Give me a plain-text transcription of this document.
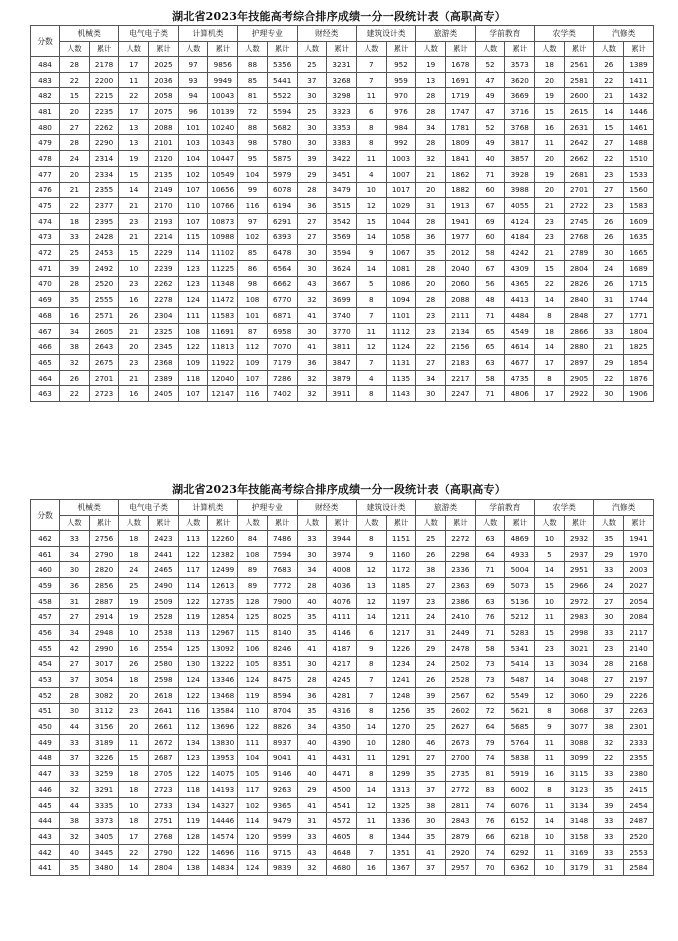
湖北省2023年技能高考综合排序成绩一分一段统计表（高职高专）
分数	机械类		电气电子类		计算机类		护理专业		财经类		建筑设计类		旅游类		学前教育		农学类		汽修类	
	人数	累计	人数	累计	人数	累计	人数	累计	人数	累计	人数	累计	人数	累计	人数	累计	人数	累计	人数	累计
484	28	2178	17	2025	97	9856	88	5356	25	3231	7	952	19	1678	52	3573	18	2561	26	1389
483	22	2200	11	2036	93	9949	85	5441	37	3268	7	959	13	1691	47	3620	20	2581	22	1411
482	15	2215	22	2058	94	10043	81	5522	30	3298	11	970	28	1719	49	3669	19	2600	21	1432
481	20	2235	17	2075	96	10139	72	5594	25	3323	6	976	28	1747	47	3716	15	2615	14	1446
480	27	2262	13	2088	101	10240	88	5682	30	3353	8	984	34	1781	52	3768	16	2631	15	1461
479	28	2290	13	2101	103	10343	98	5780	30	3383	8	992	28	1809	49	3817	11	2642	27	1488
478	24	2314	19	2120	104	10447	95	5875	39	3422	11	1003	32	1841	40	3857	20	2662	22	1510
477	20	2334	15	2135	102	10549	104	5979	29	3451	4	1007	21	1862	71	3928	19	2681	23	1533
476	21	2355	14	2149	107	10656	99	6078	28	3479	10	1017	20	1882	60	3988	20	2701	27	1560
475	22	2377	21	2170	110	10766	116	6194	36	3515	12	1029	31	1913	67	4055	21	2722	23	1583
474	18	2395	23	2193	107	10873	97	6291	27	3542	15	1044	28	1941	69	4124	23	2745	26	1609
473	33	2428	21	2214	115	10988	102	6393	27	3569	14	1058	36	1977	60	4184	23	2768	26	1635
472	25	2453	15	2229	114	11102	85	6478	30	3594	9	1067	35	2012	58	4242	21	2789	30	1665
471	39	2492	10	2239	123	11225	86	6564	30	3624	14	1081	28	2040	67	4309	15	2804	24	1689
470	28	2520	23	2262	123	11348	98	6662	43	3667	5	1086	20	2060	56	4365	22	2826	26	1715
469	35	2555	16	2278	124	11472	108	6770	32	3699	8	1094	28	2088	48	4413	14	2840	31	1744
468	16	2571	26	2304	111	11583	101	6871	41	3740	7	1101	23	2111	71	4484	8	2848	27	1771
467	34	2605	21	2325	108	11691	87	6958	30	3770	11	1112	23	2134	65	4549	18	2866	33	1804
466	38	2643	20	2345	122	11813	112	7070	41	3811	12	1124	22	2156	65	4614	14	2880	21	1825
465	32	2675	23	2368	109	11922	109	7179	36	3847	7	1131	27	2183	63	4677	17	2897	29	1854
464	26	2701	21	2389	118	12040	107	7286	32	3879	4	1135	34	2217	58	4735	8	2905	22	1876
463	22	2723	16	2405	107	12147	116	7402	32	3911	8	1143	30	2247	71	4806	17	2922	30	1906
湖北省2023年技能高考综合排序成绩一分一段统计表（高职高专）
分数	机械类		电气电子类		计算机类		护理专业		财经类		建筑设计类		旅游类		学前教育		农学类		汽修类	
	人数	累计	人数	累计	人数	累计	人数	累计	人数	累计	人数	累计	人数	累计	人数	累计	人数	累计	人数	累计
462	33	2756	18	2423	113	12260	84	7486	33	3944	8	1151	25	2272	63	4869	10	2932	35	1941
461	34	2790	18	2441	122	12382	108	7594	30	3974	9	1160	26	2298	64	4933	5	2937	29	1970
460	30	2820	24	2465	117	12499	89	7683	34	4008	12	1172	38	2336	71	5004	14	2951	33	2003
459	36	2856	25	2490	114	12613	89	7772	28	4036	13	1185	27	2363	69	5073	15	2966	24	2027
458	31	2887	19	2509	122	12735	128	7900	40	4076	12	1197	23	2386	63	5136	10	2972	27	2054
457	27	2914	19	2528	119	12854	125	8025	35	4111	14	1211	24	2410	76	5212	11	2983	30	2084
456	34	2948	10	2538	113	12967	115	8140	35	4146	6	1217	31	2449	71	5283	15	2998	33	2117
455	42	2990	16	2554	125	13092	106	8246	41	4187	9	1226	29	2478	58	5341	23	3021	23	2140
454	27	3017	26	2580	130	13222	105	8351	30	4217	8	1234	24	2502	73	5414	13	3034	28	2168
453	37	3054	18	2598	124	13346	124	8475	28	4245	7	1241	26	2528	73	5487	14	3048	27	2197
452	28	3082	20	2618	122	13468	119	8594	36	4281	7	1248	39	2567	62	5549	12	3060	29	2226
451	30	3112	23	2641	116	13584	110	8704	35	4316	8	1256	35	2602	72	5621	8	3068	37	2263
450	44	3156	20	2661	112	13696	122	8826	34	4350	14	1270	25	2627	64	5685	9	3077	38	2301
449	33	3189	11	2672	134	13830	111	8937	40	4390	10	1280	46	2673	79	5764	11	3088	32	2333
448	37	3226	15	2687	123	13953	104	9041	41	4431	11	1291	27	2700	74	5838	11	3099	22	2355
447	33	3259	18	2705	122	14075	105	9146	40	4471	8	1299	35	2735	81	5919	16	3115	33	2380
446	32	3291	18	2723	118	14193	117	9263	29	4500	14	1313	37	2772	83	6002	8	3123	35	2415
445	44	3335	10	2733	134	14327	102	9365	41	4541	12	1325	38	2811	74	6076	11	3134	39	2454
444	38	3373	18	2751	119	14446	114	9479	31	4572	11	1336	30	2843	76	6152	14	3148	33	2487
443	32	3405	17	2768	128	14574	120	9599	33	4605	8	1344	35	2879	66	6218	10	3158	33	2520
442	40	3445	22	2790	122	14696	116	9715	43	4648	7	1351	41	2920	74	6292	11	3169	33	2553
441	35	3480	14	2804	138	14834	124	9839	32	4680	16	1367	37	2957	70	6362	10	3179	31	2584
